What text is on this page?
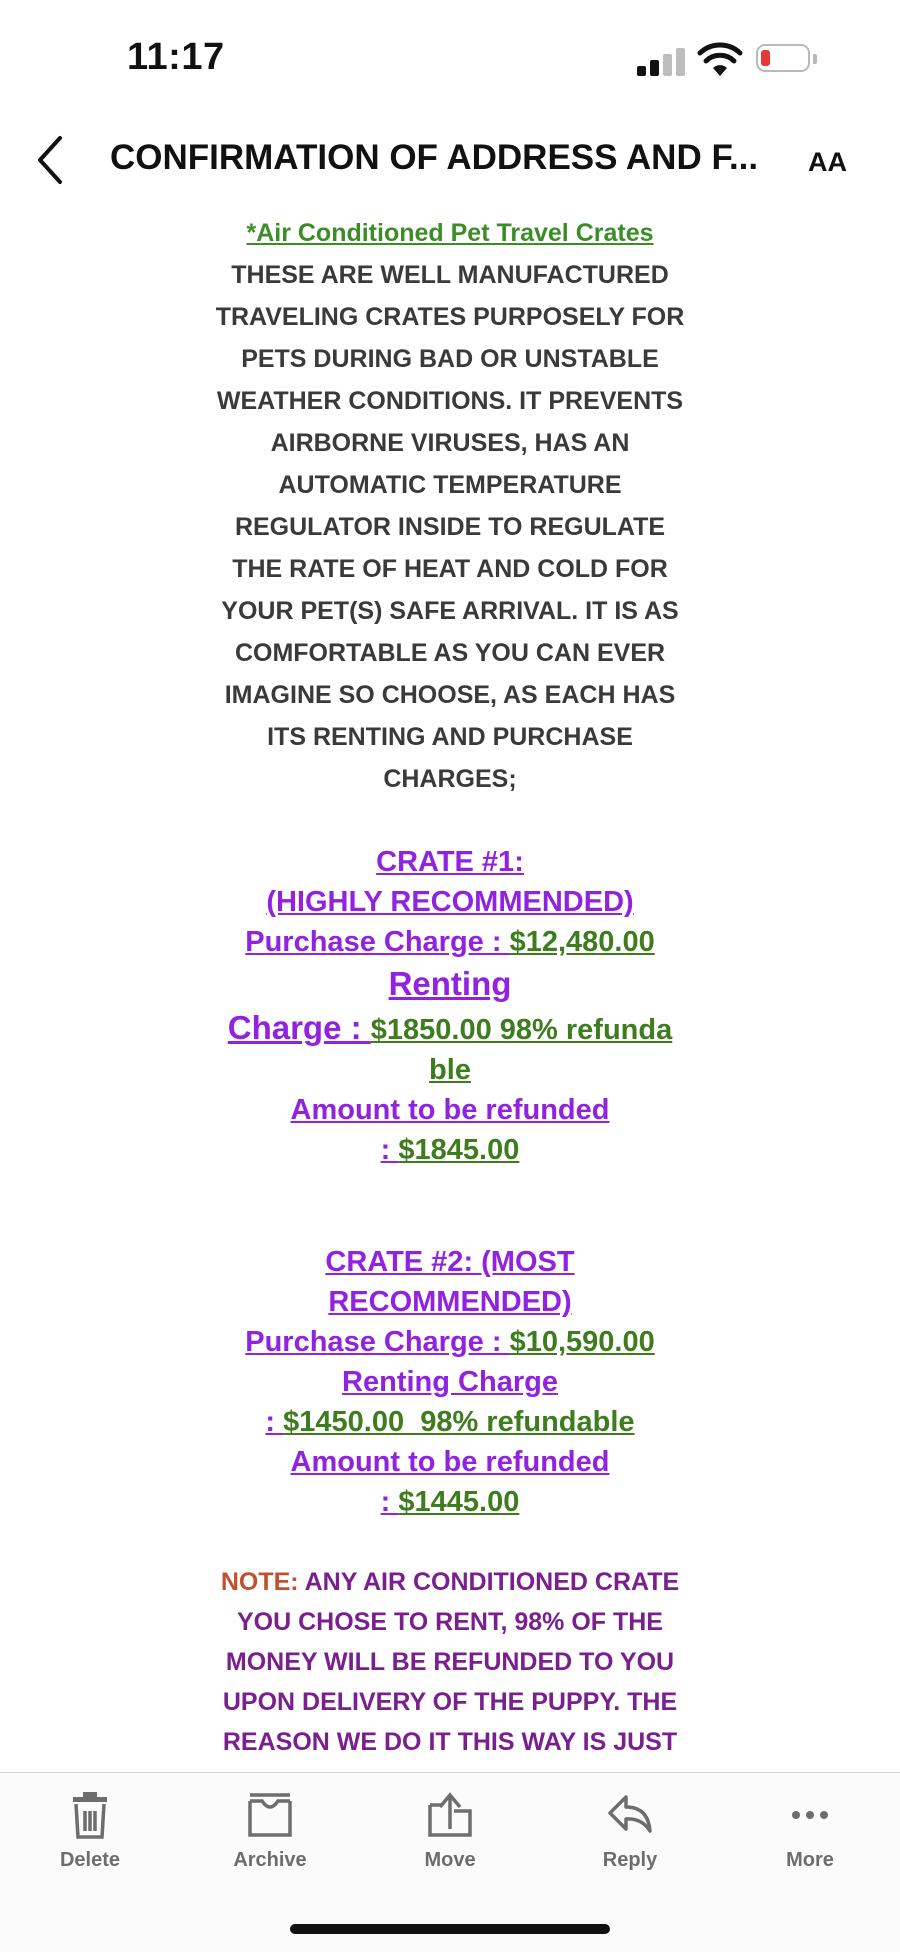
11:17
CONFIRMATION OF ADDRESS AND F...	AA
*Air Conditioned Pet Travel Crates
THESE ARE WELL MANUFACTURED
TRAVELING CRATES PURPOSELY FOR
PETS DURING BAD OR UNSTABLE
WEATHER CONDITIONS. IT PREVENTS
AIRBORNE VIRUSES, HAS AN
AUTOMATIC TEMPERATURE
REGULATOR INSIDE TO REGULATE
THE RATE OF HEAT AND COLD FOR
YOUR PET(S) SAFE ARRIVAL. IT IS AS
COMFORTABLE AS YOU CAN EVER
IMAGINE SO CHOOSE, AS EACH HAS
ITS RENTING AND PURCHASE
CHARGES;
CRATE #1:
(HIGHLY RECOMMENDED)
Purchase Charge : $12,480.00
Renting
Charge : $1850.00 98% refunda
ble
Amount to be refunded
: $1845.00
CRATE #2: (MOST
RECOMMENDED)
Purchase Charge : $10,590.00
Renting Charge
: $1450.00  98% refundable
Amount to be refunded
: $1445.00
NOTE: ANY AIR CONDITIONED CRATE
YOU CHOSE TO RENT, 98% OF THE
MONEY WILL BE REFUNDED TO YOU
UPON DELIVERY OF THE PUPPY. THE
REASON WE DO IT THIS WAY IS JUST
Delete	Archive	Move	Reply	More
